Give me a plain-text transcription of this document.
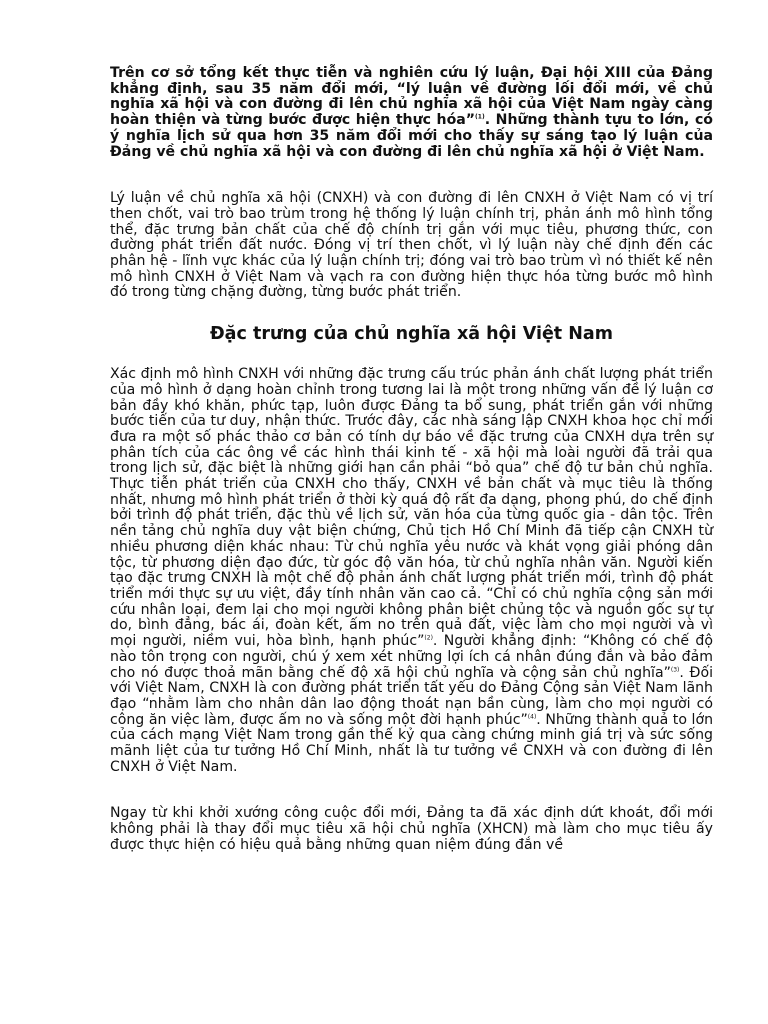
Trên cơ sở tổng kết thực tiễn và nghiên cứu lý luận, Đại hội XIII của Đảng khẳng định, sau 35 năm đổi mới, “lý luận về đường lối đổi mới, về chủ nghĩa xã hội và con đường đi lên chủ nghĩa xã hội của Việt Nam ngày càng hoàn thiện và từng bước được hiện thực hóa”$^{(1)}$. Những thành tựu to lớn, có ý nghĩa lịch sử qua hơn 35 năm đổi mới cho thấy sự sáng tạo lý luận của Đảng về chủ nghĩa xã hội và con đường đi lên chủ nghĩa xã hội ở Việt Nam.

Lý luận về chủ nghĩa xã hội (CNXH) và con đường đi lên CNXH ở Việt Nam có vị trí then chốt, vai trò bao trùm trong hệ thống lý luận chính trị, phản ánh mô hình tổng thể, đặc trưng bản chất của chế độ chính trị gắn với mục tiêu, phương thức, con đường phát triển đất nước. Đóng vị trí then chốt, vì lý luận này chế định đến các phân hệ - lĩnh vực khác của lý luận chính trị; đóng vai trò bao trùm vì nó thiết kế nên mô hình CNXH ở Việt Nam và vạch ra con đường hiện thực hóa từng bước mô hình đó trong từng chặng đường, từng bước phát triển.

Đặc trưng của chủ nghĩa xã hội Việt Nam

Xác định mô hình CNXH với những đặc trưng cấu trúc phản ánh chất lượng phát triển của mô hình ở dạng hoàn chỉnh trong tương lai là một trong những vấn đề lý luận cơ bản đầy khó khăn, phức tạp, luôn được Đảng ta bổ sung, phát triển gắn với những bước tiến của tư duy, nhận thức. Trước đây, các nhà sáng lập CNXH khoa học chỉ mới đưa ra một số phác thảo cơ bản có tính dự báo về đặc trưng của CNXH dựa trên sự phân tích của các ông về các hình thái kinh tế - xã hội mà loài người đã trải qua trong lịch sử, đặc biệt là những giới hạn cần phải “bỏ qua” chế độ tư bản chủ nghĩa. Thực tiễn phát triển của CNXH cho thấy, CNXH về bản chất và mục tiêu là thống nhất, nhưng mô hình phát triển ở thời kỳ quá độ rất đa dạng, phong phú, do chế định bởi trình độ phát triển, đặc thù về lịch sử, văn hóa của từng quốc gia - dân tộc. Trên nền tảng chủ nghĩa duy vật biện chứng, Chủ tịch Hồ Chí Minh đã tiếp cận CNXH từ nhiều phương diện khác nhau: Từ chủ nghĩa yêu nước và khát vọng giải phóng dân tộc, từ phương diện đạo đức, từ góc độ văn hóa, từ chủ nghĩa nhân văn. Người kiến tạo đặc trưng CNXH là một chế độ phản ánh chất lượng phát triển mới, trình độ phát triển mới thực sự ưu việt, đầy tính nhân văn cao cả. “Chỉ có chủ nghĩa cộng sản mới cứu nhân loại, đem lại cho mọi người không phân biệt chủng tộc và nguồn gốc sự tự do, bình đẳng, bác ái, đoàn kết, ấm no trên quả đất, việc làm cho mọi người và vì mọi người, niềm vui, hòa bình, hạnh phúc”$^{(2)}$. Người khẳng định: “Không có chế độ nào tôn trọng con người, chú ý xem xét những lợi ích cá nhân đúng đắn và bảo đảm cho nó được thoả mãn bằng chế độ xã hội chủ nghĩa và cộng sản chủ nghĩa”$^{(3)}$. Đối với Việt Nam, CNXH là con đường phát triển tất yếu do Đảng Cộng sản Việt Nam lãnh đạo “nhằm làm cho nhân dân lao động thoát nạn bần cùng, làm cho mọi người có công ăn việc làm, được ấm no và sống một đời hạnh phúc”$^{(4)}$. Những thành quả to lớn của cách mạng Việt Nam trong gần thế kỷ qua càng chứng minh giá trị và sức sống mãnh liệt của tư tưởng Hồ Chí Minh, nhất là tư tưởng về CNXH và con đường đi lên CNXH ở Việt Nam.

Ngay từ khi khởi xướng công cuộc đổi mới, Đảng ta đã xác định dứt khoát, đổi mới không phải là thay đổi mục tiêu xã hội chủ nghĩa (XHCN) mà làm cho mục tiêu ấy được thực hiện có hiệu quả bằng những quan niệm đúng đắn về
